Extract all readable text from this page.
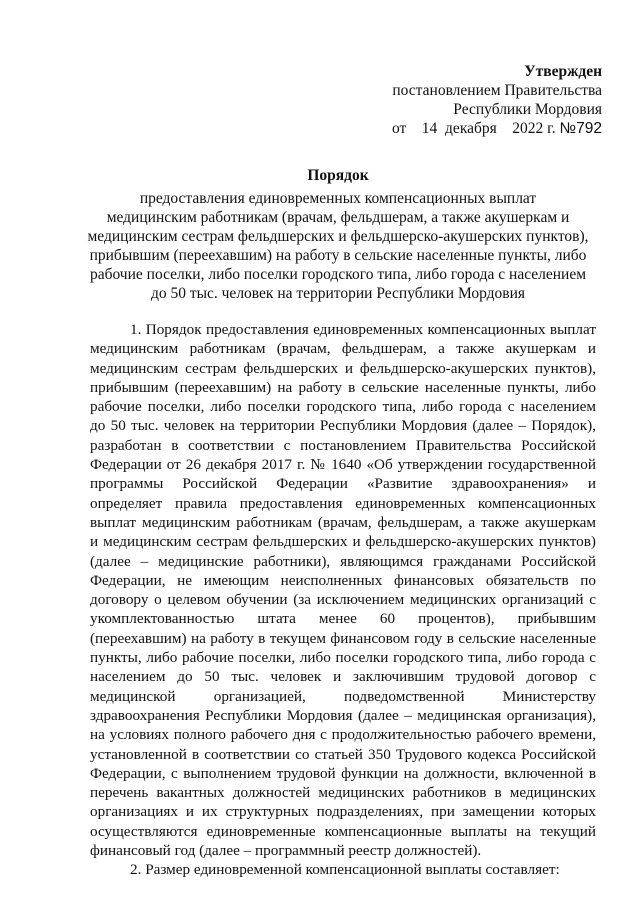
Утвержден
постановлением Правительства
Республики Мордовия
от 14 декабря 2022 г. №792
Порядок
предоставления единовременных компенсационных выплат
медицинским работникам (врачам, фельдшерам, а также акушеркам и
медицинским сестрам фельдшерских и фельдшерско-акушерских пунктов),
прибывшим (переехавшим) на работу в сельские населенные пункты, либо
рабочие поселки, либо поселки городского типа, либо города с населением
до 50 тыс. человек на территории Республики Мордовия
1. Порядок предоставления единовременных компенсационных выплат
медицинским работникам (врачам, фельдшерам, а также акушеркам и
медицинским сестрам фельдшерских и фельдшерско-акушерских пунктов),
прибывшим (переехавшим) на работу в сельские населенные пункты, либо
рабочие поселки, либо поселки городского типа, либо города с населением
до 50 тыс. человек на территории Республики Мордовия (далее – Порядок),
разработан в соответствии с постановлением Правительства Российской
Федерации от 26 декабря 2017 г. № 1640 «Об утверждении государственной
программы Российской Федерации «Развитие здравоохранения» и
определяет правила предоставления единовременных компенсационных
выплат медицинским работникам (врачам, фельдшерам, а также акушеркам
и медицинским сестрам фельдшерских и фельдшерско-акушерских пунктов)
(далее – медицинские работники), являющимся гражданами Российской
Федерации, не имеющим неисполненных финансовых обязательств по
договору о целевом обучении (за исключением медицинских организаций с
укомплектованностью штата менее 60 процентов), прибывшим
(переехавшим) на работу в текущем финансовом году в сельские населенные
пункты, либо рабочие поселки, либо поселки городского типа, либо города с
населением до 50 тыс. человек и заключившим трудовой договор с
медицинской организацией, подведомственной Министерству
здравоохранения Республики Мордовия (далее – медицинская организация),
на условиях полного рабочего дня с продолжительностью рабочего времени,
установленной в соответствии со статьей 350 Трудового кодекса Российской
Федерации, с выполнением трудовой функции на должности, включенной в
перечень вакантных должностей медицинских работников в медицинских
организациях и их структурных подразделениях, при замещении которых
осуществляются единовременные компенсационные выплаты на текущий
финансовый год (далее – программный реестр должностей).
2. Размер единовременной компенсационной выплаты составляет:
